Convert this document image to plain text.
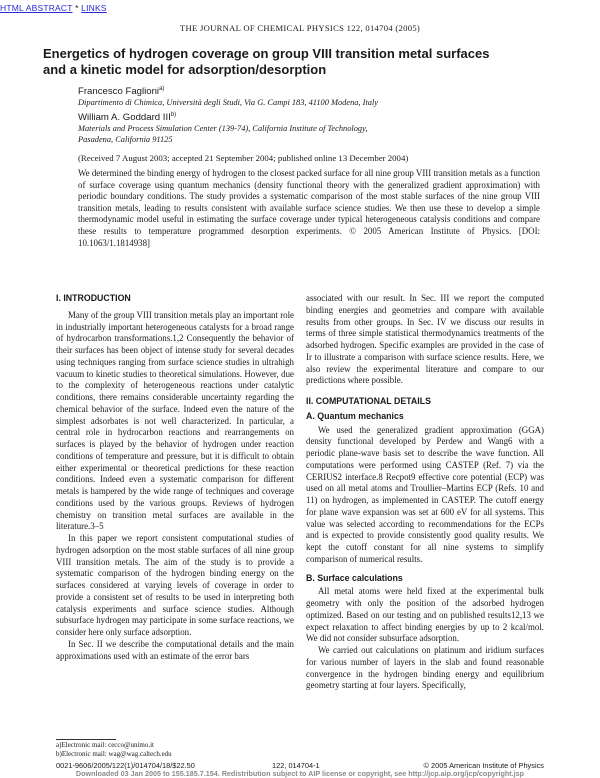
HTML ABSTRACT * LINKS
THE JOURNAL OF CHEMICAL PHYSICS 122, 014704 (2005)
Energetics of hydrogen coverage on group VIII transition metal surfaces
and a kinetic model for adsorption/desorption
Francesco Faglioni$^{a)}$
Dipartimento di Chimica, Università degli Studi, Via G. Campi 183, 41100 Modena, Italy
William A. Goddard III$^{b)}$
Materials and Process Simulation Center (139-74), California Institute of Technology,
Pasadena, California 91125
(Received 7 August 2003; accepted 21 September 2004; published online 13 December 2004)
We determined the binding energy of hydrogen to the closest packed surface for all nine group VIII transition metals as a function of surface coverage using quantum mechanics (density functional theory with the generalized gradient approximation) with periodic boundary conditions. The study provides a systematic comparison of the most stable surfaces of the nine group VIII transition metals, leading to results consistent with available surface science studies. We then use these to develop a simple thermodynamic model useful in estimating the surface coverage under typical heterogeneous catalysis conditions and compare these results to temperature programmed desorption experiments. © 2005 American Institute of Physics. [DOI: 10.1063/1.1814938]
I. INTRODUCTION

Many of the group VIII transition metals play an important role in industrially important heterogeneous catalysts for a broad range of hydrocarbon transformations.1,2 Consequently the behavior of their surfaces has been object of intense study for several decades using techniques ranging from surface science studies in ultrahigh vacuum to kinetic studies to theoretical simulations. However, due to the complexity of heterogeneous reactions under catalytic conditions, there remains considerable uncertainty regarding the chemical behavior of the surface. Indeed even the nature of the simplest adsorbates is not well characterized. In particular, a central role in hydrocarbon reactions and rearrangements on surfaces is played by the behavior of hydrogen under reaction conditions of temperature and pressure, but it is difficult to obtain either experimental or theoretical predictions for these reaction conditions. Indeed even a systematic comparison for different metals is hampered by the wide range of techniques and coverage conditions used by the various groups. Reviews of hydrogen chemistry on transition metal surfaces are available in the literature.3–5

In this paper we report consistent computational studies of hydrogen adsorption on the most stable surfaces of all nine group VIII transition metals. The aim of the study is to provide a systematic comparison of the hydrogen binding energy on the surfaces considered at varying levels of coverage in order to provide a consistent set of results to be used in interpreting both catalysis experiments and surface science studies. Although subsurface hydrogen may participate in some surface reactions, we consider here only surface adsorption.

In Sec. II we describe the computational details and the main approximations used with an estimate of the error bars

associated with our result. In Sec. III we report the computed binding energies and geometries and compare with available results from other groups. In Sec. IV we discuss our results in terms of three simple statistical thermodynamics treatments of the adsorbed hydrogen. Specific examples are provided in the case of Ir to illustrate a comparison with surface science results. Here, we also review the experimental literature and compare to our predictions where possible.

II. COMPUTATIONAL DETAILS
A. Quantum mechanics

We used the generalized gradient approximation (GGA) density functional developed by Perdew and Wang6 with a periodic plane-wave basis set to describe the wave function. All computations were performed using CASTEP (Ref. 7) via the CERIUS2 interface.8 Recpot9 effective core potential (ECP) was used on all metal atoms and Troullier–Martins ECP (Refs. 10 and 11) on hydrogen, as implemented in CASTEP. The cutoff energy for plane wave expansion was set at 600 eV for all systems. This value was selected according to recommendations for the ECPs and is expected to provide consistently good quality results. We kept the cutoff constant for all nine systems to simplify comparison of numerical results.

B. Surface calculations

All metal atoms were held fixed at the experimental bulk geometry with only the position of the adsorbed hydrogen optimized. Based on our testing and on published results12,13 we expect relaxation to affect binding energies by up to 2 kcal/mol. We did not consider subsurface adsorption.

We carried out calculations on platinum and iridium surfaces for various number of layers in the slab and found reasonable convergence in the hydrogen binding energy and equilibrium geometry starting at four layers. Specifically,

a)Electronic mail: cecco@unimo.it
b)Electronic mail: wag@wag.caltech.edu
0021-9606/2005/122(1)/014704/18/$22.50	122, 014704-1	© 2005 American Institute of Physics
Downloaded 03 Jan 2005 to 155.185.7.154. Redistribution subject to AIP license or copyright, see http://jcp.aip.org/jcp/copyright.jsp
